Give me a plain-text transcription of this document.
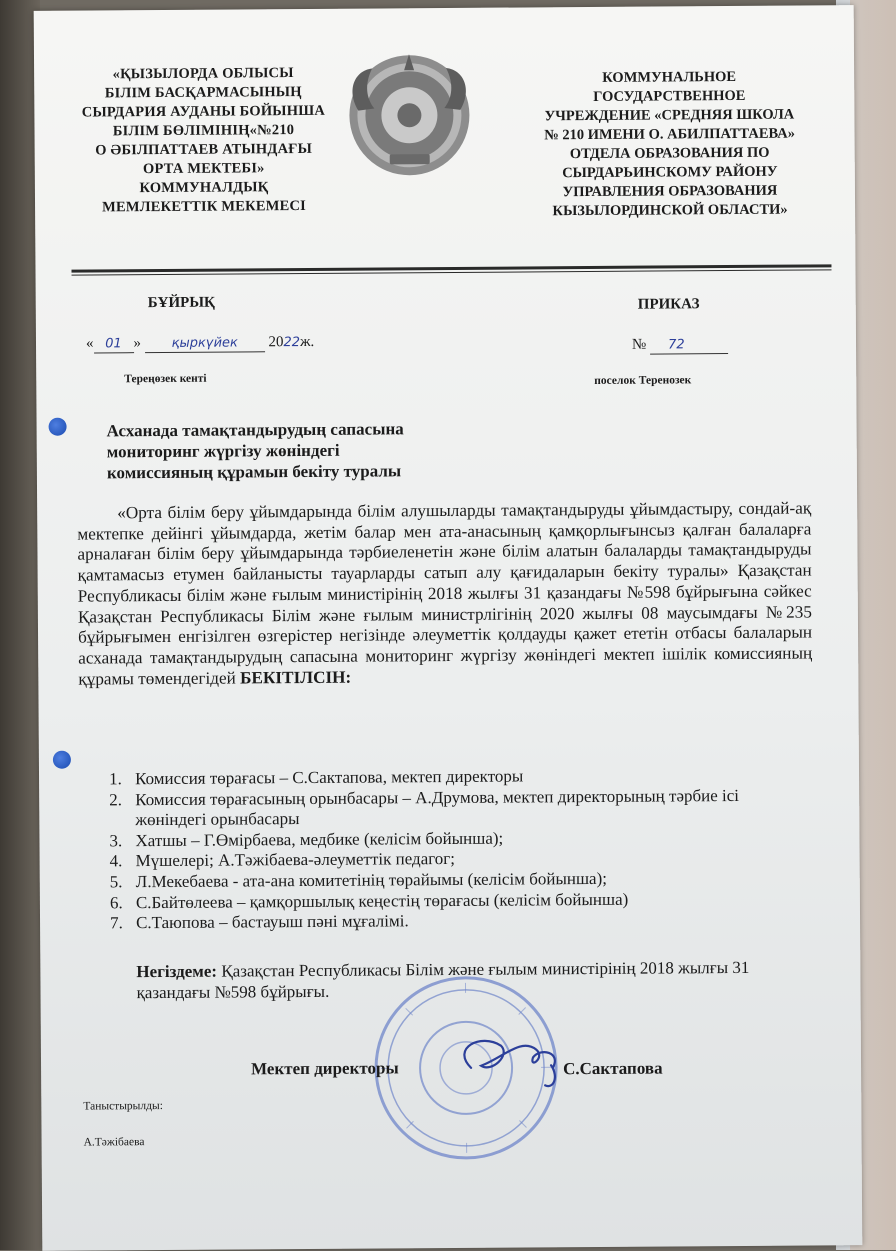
«ҚЫЗЫЛОРДА ОБЛЫСЫ
БІЛІМ БАСҚАРМАСЫНЫҢ
СЫРДАРИЯ АУДАНЫ БОЙЫНША
БІЛІМ БӨЛІМІНІҢ«№210
О ӘБІЛПАТТАЕВ АТЫНДАҒЫ
ОРТА МЕКТЕБІ»
КОММУНАЛДЫҚ
МЕМЛЕКЕТТІК МЕКЕМЕСІ
КОММУНАЛЬНОЕ
ГОСУДАРСТВЕННОЕ
УЧРЕЖДЕНИЕ «СРЕДНЯЯ ШКОЛА
№ 210 ИМЕНИ О. АБИЛПАТТАЕВА»
ОТДЕЛА ОБРАЗОВАНИЯ ПО
СЫРДАРЬИНСКОМУ РАЙОНУ
УПРАВЛЕНИЯ ОБРАЗОВАНИЯ
КЫЗЫЛОРДИНСКОЙ ОБЛАСТИ»
БҰЙРЫҚ	ПРИКАЗ
« 01 » қыркүйек 2022ж.	№ 72
Тереңөзек кенті	поселок Теренозек
Асханада тамақтандырудың сапасына
мониторинг жүргізу жөніндегі
комиссияның құрамын бекіту туралы
«Орта білім беру ұйымдарында білім алушыларды тамақтандыруды ұйымдастыру, сондай-ақ мектепке дейінгі ұйымдарда, жетім балар мен ата-анасының қамқорлығынсыз қалған балаларға арналаған білім беру ұйымдарында тәрбиеленетін және білім алатын балаларды тамақтандыруды қамтамасыз етумен байланысты тауарларды сатып алу қағидаларын бекіту туралы» Қазақстан Республикасы білім және ғылым министірінің 2018 жылғы 31 қазандағы №598 бұйрығына сәйкес Қазақстан Республикасы Білім және ғылым министрлігінің 2020 жылғы 08 маусымдағы №235 бұйрығымен енгізілген өзгерістер негізінде әлеуметтік қолдауды қажет ететін отбасы балаларын асханада тамақтандырудың сапасына мониторинг жүргізу жөніндегі мектеп ішілік комиссияның құрамы төмендегідей БЕКІТІЛСІН:
1. Комиссия төрағасы – С.Сактапова, мектеп директоры
2. Комиссия төрағасының орынбасары – А.Друмова, мектеп директорының тәрбие ісі жөніндегі орынбасары
3. Хатшы – Г.Өмірбаева, медбике (келісім бойынша);
4. Мүшелері; А.Тәжібаева-әлеуметтік педагог;
5. Л.Мекебаева - ата-ана комитетінің төрайымы (келісім бойынша);
6. С.Байтөлеева – қамқоршылық кеңестің төрағасы (келісім бойынша)
7. С.Таюпова – бастауыш пәні мұғалімі.
Негіздеме: Қазақстан Республикасы Білім және ғылым министірінің 2018 жылғы 31 қазандағы №598 бұйрығы.
Мектеп директоры	С.Сактапова
Таныстырылды:
А.Тәжібаева
